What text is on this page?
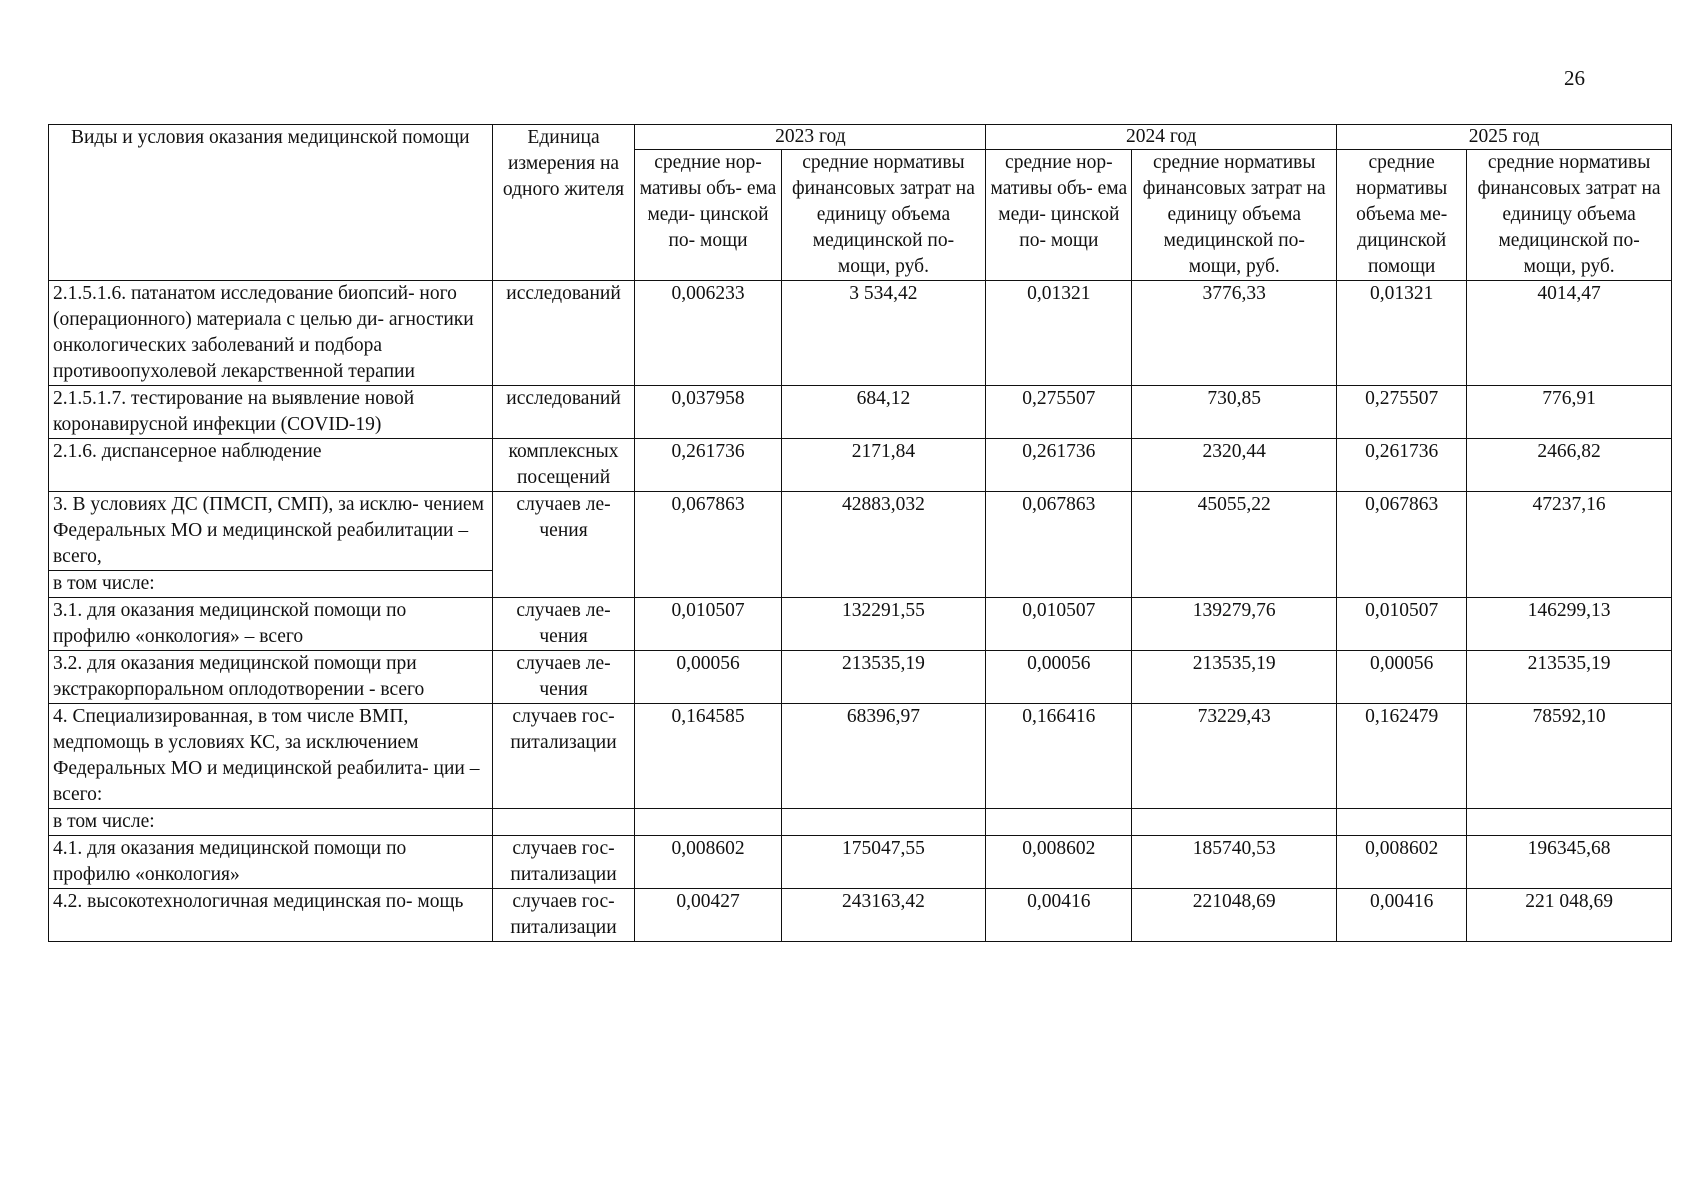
26
Виды и условия оказания медицинской помощи	Единица измерения на одного жителя	2023 год		2024 год		2025 год	
		средние нор- мативы объ- ема меди- цинской по- мощи	средние нормативы финансовых затрат на единицу объема медицинской по- мощи, руб.	средние нор- мативы объ- ема меди- цинской по- мощи	средние нормативы финансовых затрат на единицу объема медицинской по- мощи, руб.	средние нормативы объема ме- дицинской помощи	средние нормативы финансовых затрат на единицу объема медицинской по- мощи, руб.
2.1.5.1.6. патанатом исследование биопсий- ного (операционного) материала с целью ди- агностики онкологических заболеваний и подбора противоопухолевой лекарственной терапии	исследований	0,006233	3 534,42	0,01321	3776,33	0,01321	4014,47
2.1.5.1.7. тестирование на выявление новой коронавирусной инфекции (COVID-19)	исследований	0,037958	684,12	0,275507	730,85	0,275507	776,91
2.1.6. диспансерное наблюдение	комплексных посещений	0,261736	2171,84	0,261736	2320,44	0,261736	2466,82
3. В условиях ДС (ПМСП, СМП), за исклю- чением Федеральных МО и медицинской реабилитации – всего,	случаев ле- чения	0,067863	42883,032	0,067863	45055,22	0,067863	47237,16
в том числе:							
3.1. для оказания медицинской помощи по профилю «онкология» – всего	случаев ле- чения	0,010507	132291,55	0,010507	139279,76	0,010507	146299,13
3.2. для оказания медицинской помощи при экстракорпоральном оплодотворении - всего	случаев ле- чения	0,00056	213535,19	0,00056	213535,19	0,00056	213535,19
4. Специализированная, в том числе ВМП, медпомощь в условиях КС, за исключением Федеральных МО и медицинской реабилита- ции – всего:	случаев гос- питализации	0,164585	68396,97	0,166416	73229,43	0,162479	78592,10
в том числе:							
4.1. для оказания медицинской помощи по профилю «онкология»	случаев гос- питализации	0,008602	175047,55	0,008602	185740,53	0,008602	196345,68
4.2. высокотехнологичная медицинская по- мощь	случаев гос- питализации	0,00427	243163,42	0,00416	221048,69	0,00416	221 048,69
